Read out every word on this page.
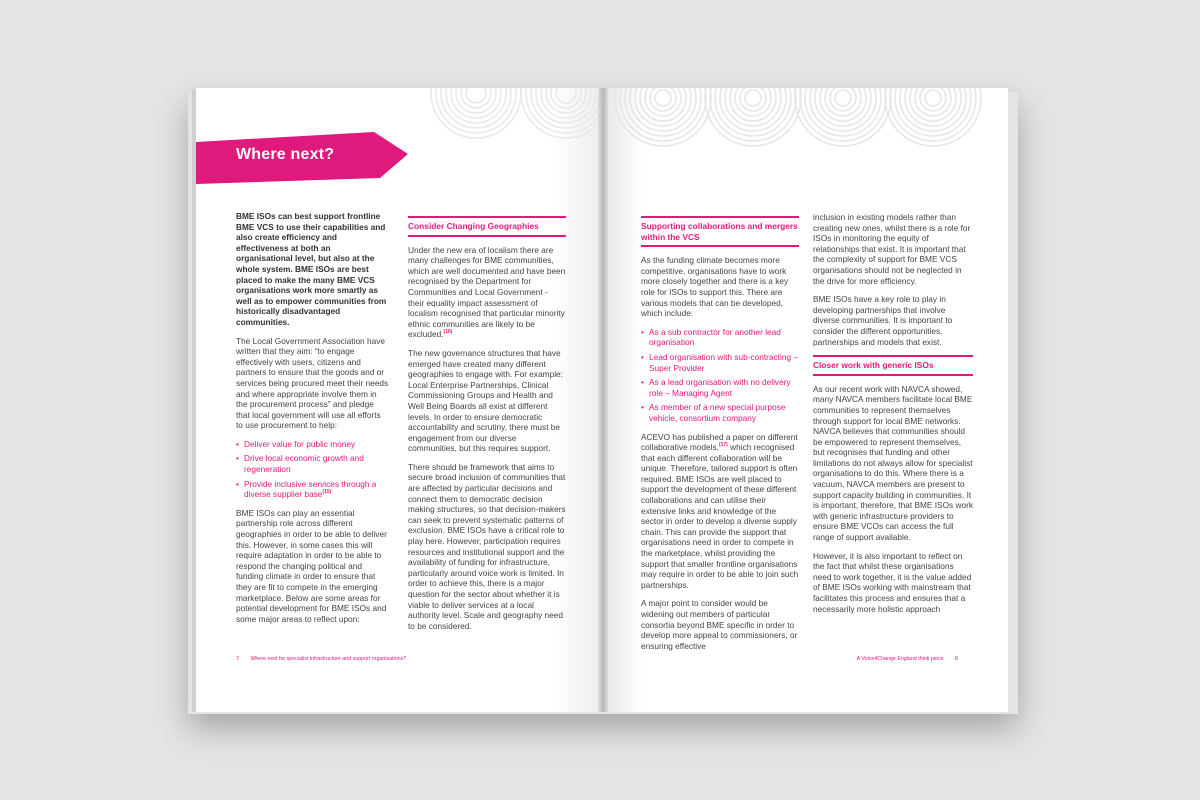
Where next?

BME ISOs can best support frontline BME VCS to use their capabilities and also create efficiency and effectiveness at both an organisational level, but also at the whole system. BME ISOs are best placed to make the many BME VCS organisations work more smartly as well as to empower communities from historically disadvantaged communities.

The Local Government Association have written that they aim: “to engage effectively with users, citizens and partners to ensure that the goods and or services being procured meet their needs and where appropriate involve them in the procurement process” and pledge that local government will use all efforts to use procurement to help:

• Deliver value for public money
• Drive local economic growth and regeneration
• Provide inclusive services through a diverse supplier base$^{(15)}$

BME ISOs can play an essential partnership role across different geographies in order to be able to deliver this. However, in some cases this will require adaptation in order to be able to respond the changing political and funding climate in order to ensure that they are fit to compete in the emerging marketplace. Below are some areas for potential development for BME ISOs and some major areas to reflect upon:

Consider Changing Geographies

Under the new era of localism there are many challenges for BME communities, which are well documented and have been recognised by the Department for Communities and Local Government - their equality impact assessment of localism recognised that particular minority ethnic communities are likely to be excluded.$^{(16)}$

The new governance structures that have emerged have created many different geographies to engage with. For example: Local Enterprise Partnerships, Clinical Commissioning Groups and Health and Well Being Boards all exist at different levels. In order to ensure democratic accountability and scrutiny, there must be engagement from our diverse communities, but this requires support.

There should be framework that aims to secure broad inclusion of communities that are affected by particular decisions and connect them to democratic decision making structures, so that decision-makers can seek to prevent systematic patterns of exclusion. BME ISOs have a critical role to play here. However, participation requires resources and institutional support and the availability of funding for infrastructure, particularly around voice work is limited. In order to achieve this, there is a major question for the sector about whether it is viable to deliver services at a local authority level. Scale and geography need to be considered.

7 Where next for specialist infrastructure and support organisations?
Supporting collaborations and mergers within the VCS

As the funding climate becomes more competitive, organisations have to work more closely together and there is a key role for ISOs to support this. There are various models that can be developed, which include:

• As a sub contractor for another lead organisation
• Lead organisation with sub-contracting – Super Provider
• As a lead organisation with no delivery role – Managing Agent
• As member of a new special purpose vehicle, consortium company

ACEVO has published a paper on different collaborative models,$^{(17)}$ which recognised that each different collaboration will be unique. Therefore, tailored support is often required. BME ISOs are well placed to support the development of these different collaborations and can utilise their extensive links and knowledge of the sector in order to develop a diverse supply chain. This can provide the support that organisations need in order to compete in the marketplace, whilst providing the support that smaller frontline organisations may require in order to be able to join such partnerships.

A major point to consider would be widening out members of particular consortia beyond BME specific in order to develop more appeal to commissioners, or ensuring effective

inclusion in existing models rather than creating new ones, whilst there is a role for ISOs in monitoring the equity of relationships that exist. It is important that the complexity of support for BME VCS organisations should not be neglected in the drive for more efficiency.

BME ISOs have a key role to play in developing partnerships that involve diverse communities. It is important to consider the different opportunities, partnerships and models that exist.

Closer work with generic ISOs

As our recent work with NAVCA showed, many NAVCA members facilitate local BME communities to represent themselves through support for local BME networks. NAVCA believes that communities should be empowered to represent themselves, but recognises that funding and other limitations do not always allow for specialist organisations to do this. Where there is a vacuum, NAVCA members are present to support capacity building in communities. It is important, therefore, that BME ISOs work with generic infrastructure providers to ensure BME VCOs can access the full range of support available.

However, it is also important to reflect on the fact that whilst these organisations need to work together, it is the value added of BME ISOs working with mainstream that facilitates this process and ensures that a necessarily more holistic approach

A Voice4Change England think piece 8
